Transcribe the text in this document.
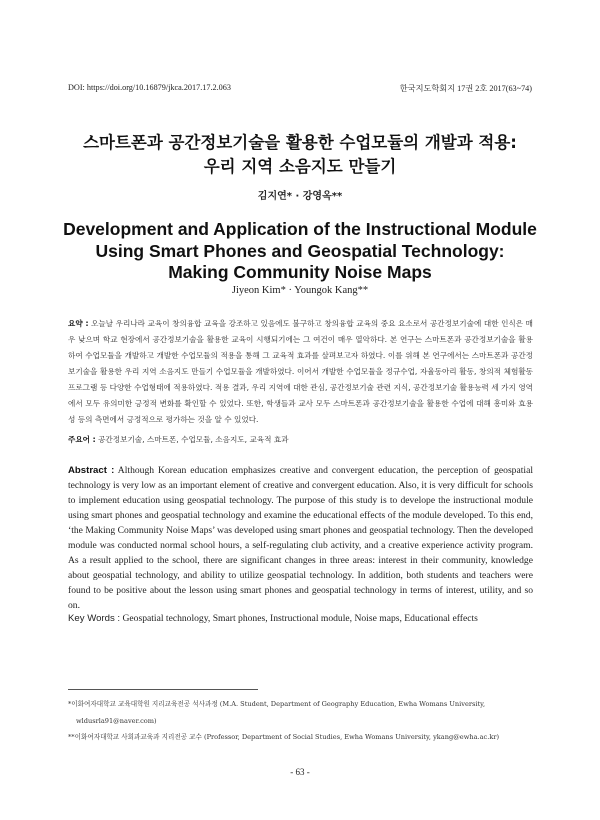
DOI: https://doi.org/10.16879/jkca.2017.17.2.063	한국지도학회지 17권 2호 2017(63~74)
스마트폰과 공간정보기술을 활용한 수업모듈의 개발과 적용:
우리 지역 소음지도 만들기
김지연* · 강영옥**
Development and Application of the Instructional Module
Using Smart Phones and Geospatial Technology:
Making Community Noise Maps
Jiyeon Kim* · Youngok Kang**
요약 : 오늘날 우리나라 교육이 창의융합 교육을 강조하고 있음에도 불구하고 창의융합 교육의 중요 요소로서 공간정보기술에 대한 인식은 매우 낮으며 학교 현장에서 공간정보기술을 활용한 교육이 시행되기에는 그 여건이 매우 열악하다. 본 연구는 스마트폰과 공간정보기술을 활용하여 수업모듈을 개발하고 개발한 수업모듈의 적용을 통해 그 교육적 효과를 살펴보고자 하였다. 이를 위해 본 연구에서는 스마트폰과 공간정보기술을 활용한 우리 지역 소음지도 만들기 수업모듈을 개발하였다. 이어서 개발한 수업모듈을 정규수업, 자율동아리 활동, 창의적 체험활동 프로그램 등 다양한 수업형태에 적용하였다. 적용 결과, 우리 지역에 대한 관심, 공간정보기술 관련 지식, 공간정보기술 활용능력 세 가지 영역에서 모두 유의미한 긍정적 변화를 확인할 수 있었다. 또한, 학생들과 교사 모두 스마트폰과 공간정보기술을 활용한 수업에 대해 흥미와 효용성 등의 측면에서 긍정적으로 평가하는 것을 알 수 있었다.
주요어 : 공간정보기술, 스마트폰, 수업모듈, 소음지도, 교육적 효과
Abstract : Although Korean education emphasizes creative and convergent education, the perception of geospatial technology is very low as an important element of creative and convergent education. Also, it is very difficult for schools to implement education using geospatial technology. The purpose of this study is to develope the instructional module using smart phones and geospatial technology and examine the educational effects of the module developed. To this end, ‘the Making Community Noise Maps’ was developed using smart phones and geospatial technology. Then the developed module was conducted normal school hours, a self-regulating club activity, and a creative experience activity program. As a result applied to the school, there are significant changes in three areas: interest in their community, knowledge about geospatial technology, and ability to utilize geospatial technology. In addition, both students and teachers were found to be positive about the lesson using smart phones and geospatial technology in terms of interest, utility, and so on.
Key Words : Geospatial technology, Smart phones, Instructional module, Noise maps, Educational effects
*이화여자대학교 교육대학원 지리교육전공 석사과정 (M.A. Student, Department of Geography Education, Ewha Womans University,
wldusrla91@naver.com)
**이화여자대학교 사회과교육과 지리전공 교수 (Professor, Department of Social Studies, Ewha Womans University, ykang@ewha.ac.kr)
- 63 -
